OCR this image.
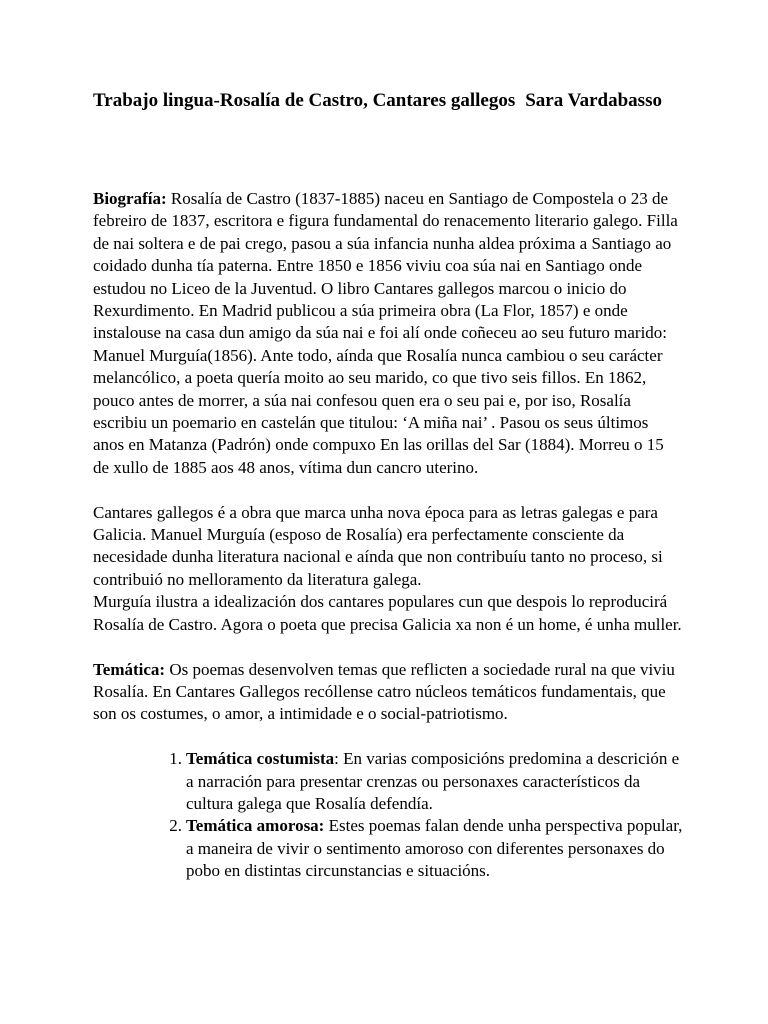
Trabajo lingua-Rosalía de Castro, Cantares gallegos Sara Vardabasso

Biografía: Rosalía de Castro (1837-1885) naceu en Santiago de Compostela o 23 de febreiro de 1837, escritora e figura fundamental do renacemento literario galego. Filla de nai soltera e de pai crego, pasou a súa infancia nunha aldea próxima a Santiago ao coidado dunha tía paterna. Entre 1850 e 1856 viviu coa súa nai en Santiago onde estudou no Liceo de la Juventud. O libro Cantares gallegos marcou o inicio do Rexurdimento. En Madrid publicou a súa primeira obra (La Flor, 1857) e onde instalouse na casa dun amigo da súa nai e foi alí onde coñeceu ao seu futuro marido: Manuel Murguía(1856). Ante todo, aínda que Rosalía nunca cambiou o seu carácter melancólico, a poeta quería moito ao seu marido, co que tivo seis fillos. En 1862, pouco antes de morrer, a súa nai confesou quen era o seu pai e, por iso, Rosalía escribiu un poemario en castelán que titulou: ‘A miña nai’ . Pasou os seus últimos anos en Matanza (Padrón) onde compuxo En las orillas del Sar (1884). Morreu o 15 de xullo de 1885 aos 48 anos, vítima dun cancro uterino.

Cantares gallegos é a obra que marca unha nova época para as letras galegas e para Galicia. Manuel Murguía (esposo de Rosalía) era perfectamente consciente da necesidade dunha literatura nacional e aínda que non contribuíu tanto no proceso, si contribuió no melloramento da literatura galega.

Murguía ilustra a idealización dos cantares populares cun que despois lo reproducirá Rosalía de Castro. Agora o poeta que precisa Galicia xa non é un home, é unha muller.

Temática: Os poemas desenvolven temas que reflicten a sociedade rural na que viviu Rosalía. En Cantares Gallegos recóllense catro núcleos temáticos fundamentais, que son os costumes, o amor, a intimidade e o social-patriotismo.

1. Temática costumista: En varias composicións predomina a descrición e a narración para presentar crenzas ou personaxes característicos da cultura galega que Rosalía defendía.
2. Temática amorosa: Estes poemas falan dende unha perspectiva popular, a maneira de vivir o sentimento amoroso con diferentes personaxes do pobo en distintas circunstancias e situacións.
